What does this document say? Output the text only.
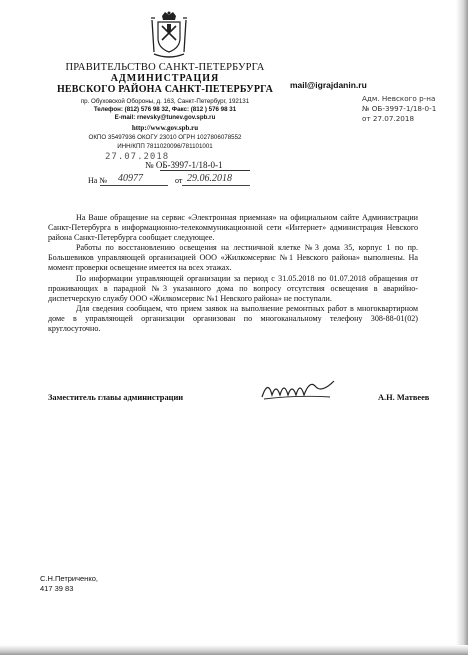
ПРАВИТЕЛЬСТВО САНКТ-ПЕТЕРБУРГА
АДМИНИСТРАЦИЯ
НЕВСКОГО РАЙОНА САНКТ-ПЕТЕРБУРГА
пр. Обуховской Обороны, д. 163, Санкт-Петербург, 192131
Телефон: (812) 576 98 32, Факс: (812 ) 576 98 31
E-mail: rnevsky@tunev.gov.spb.ru
http://www.gov.spb.ru
ОКПО 35497936 ОКОГУ 23010 ОГРН 1027806078552
ИНН/КПП 7811020096/781101001
27.07.2018
№ ОБ-3997-1/18-0-1
На № 40977	от 29.06.2018
mail@igrajdanin.ru
Адм. Невского р-на
№ ОБ-3997-1/18-0-1
от 27.07.2018

На Ваше обращение на сервис «Электронная приемная» на официальном сайте Администрации Санкт-Петербурга в информационно-телекоммуникационной сети «Интернет» администрация Невского района Санкт-Петербурга сообщает следующее.

Работы по восстановлению освещения на лестничной клетке №3 дома 35, корпус 1 по пр. Большевиков управляющей организацией ООО «Жилкомсервис №1 Невского района» выполнены. На момент проверки освещение имеется на всех этажах.

По информации управляющей организации за период с 31.05.2018 по 01.07.2018 обращения от проживающих в парадной №3 указанного дома по вопросу отсутствия освещения в аварийно-диспетчерскую службу ООО «Жилкомсервис №1 Невского района» не поступали.

Для сведения сообщаем, что прием заявок на выполнение ремонтных работ в многоквартирном доме в управляющей организации организован по многоканальному телефону 308-88-01(02) круглосуточно.

Заместитель главы администрации	А.Н. Матвеев
С.Н.Петриченко,
417 39 83
